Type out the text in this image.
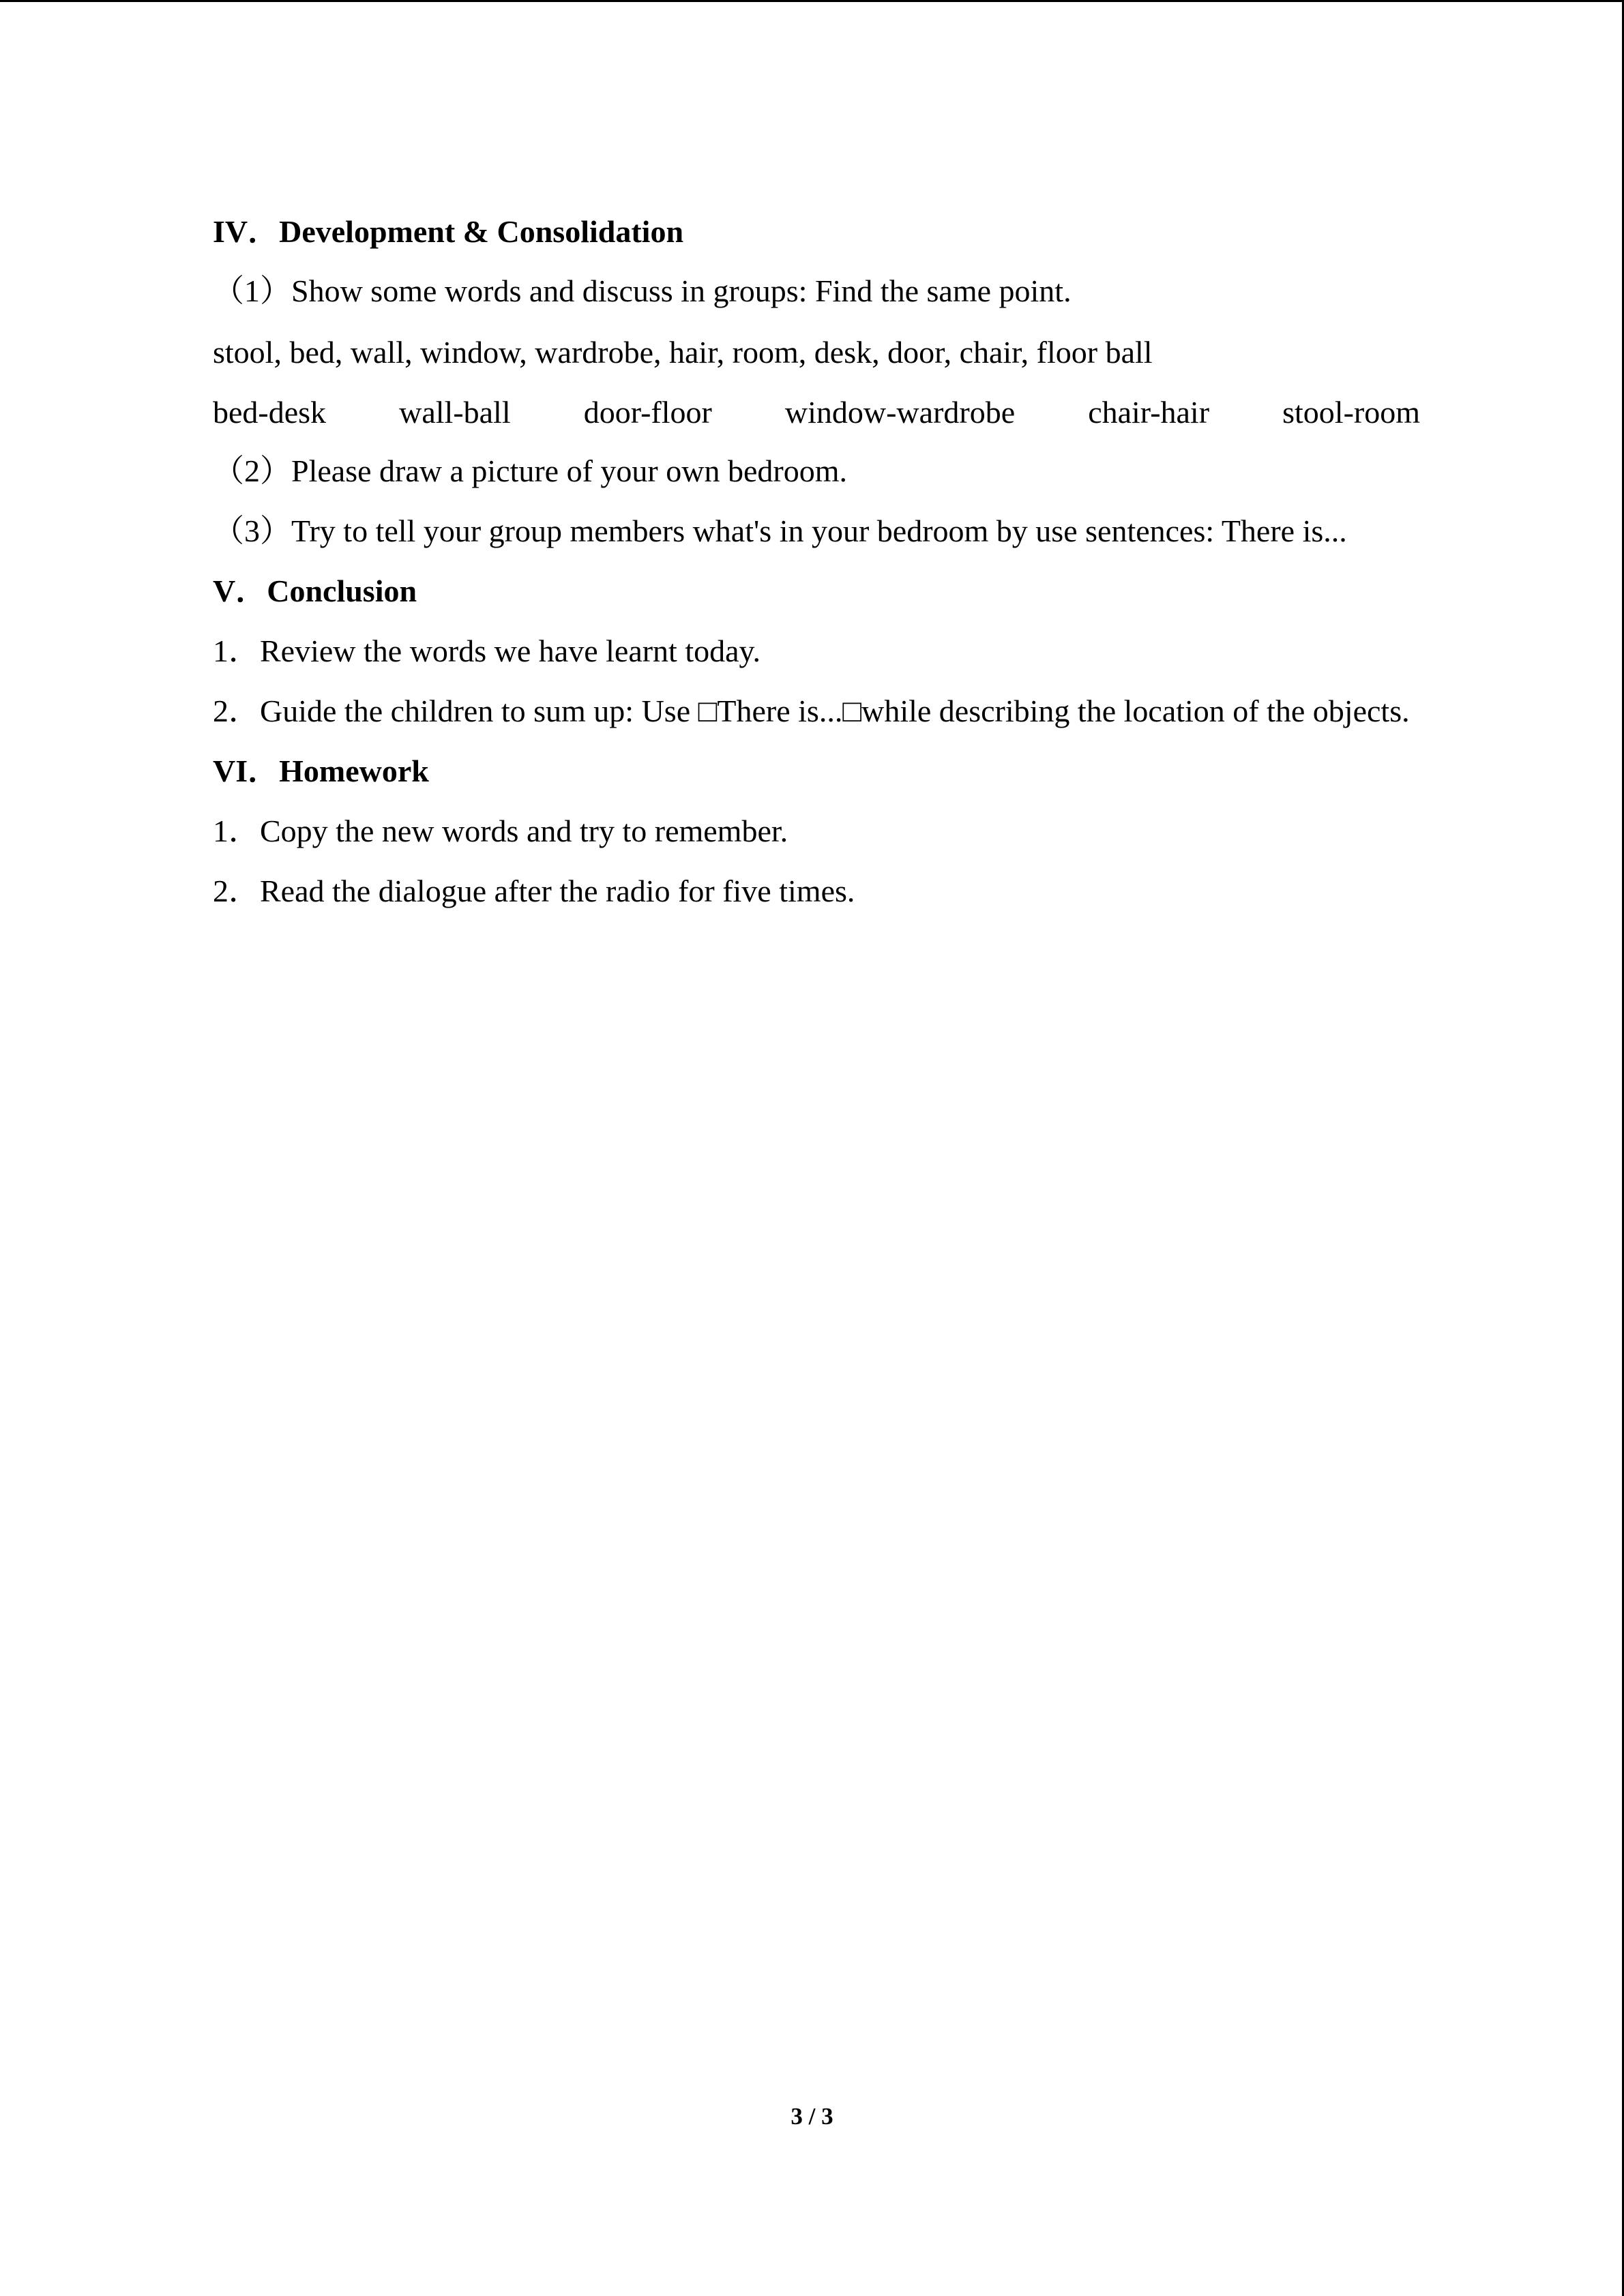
IV．Development & Consolidation
（1）Show some words and discuss in groups: Find the same point.
stool, bed, wall, window, wardrobe, hair, room, desk, door, chair, floor ball
bed-desk wall-ball door-floor window-wardrobe chair-hair stool-room
（2）Please draw a picture of your own bedroom.
（3）Try to tell your group members what's in your bedroom by use sentences: There is...
V．Conclusion
1．Review the words we have learnt today.
2．Guide the children to sum up: Use □There is...□while describing the location of the objects.
VI．Homework
1．Copy the new words and try to remember.
2．Read the dialogue after the radio for five times.
3 / 3
